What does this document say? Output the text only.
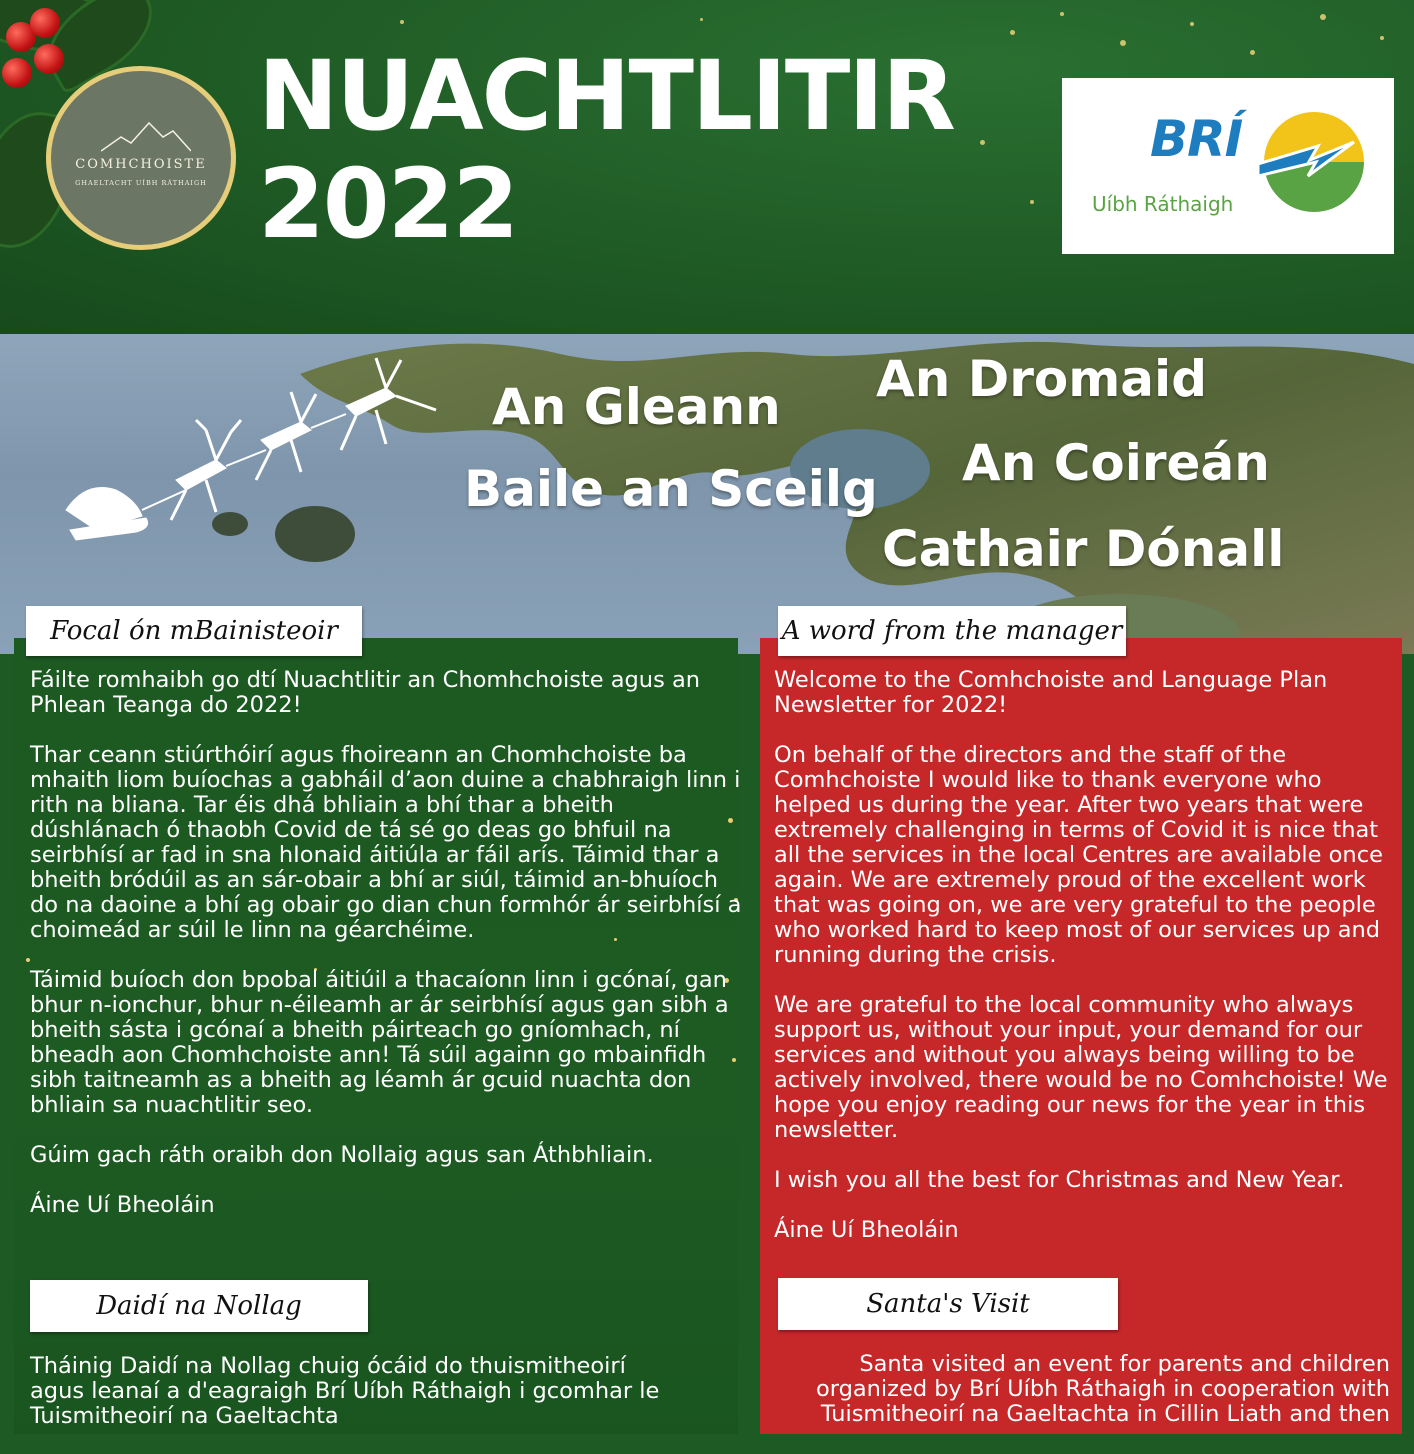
COMHCHOISTE
GHAELTACHT UÍBH RÁTHAIGH
NUACHTLITIR
2022
BRÍ
Uíbh Ráthaigh
An Gleann
Baile an Sceilg
An Dromaid
An Coireán
Cathair Dónall
Focal ón mBainisteoir

Fáilte romhaibh go dtí Nuachtlitir an Chomhchoiste agus an Phlean Teanga do 2022!

Thar ceann stiúrthóirí agus fhoireann an Chomhchoiste ba mhaith liom buíochas a gabháil d’aon duine a chabhraigh linn i rith na bliana. Tar éis dhá bhliain a bhí thar a bheith dúshlánach ó thaobh Covid de tá sé go deas go bhfuil na seirbhísí ar fad in sna hIonaid áitiúla ar fáil arís. Táimid thar a bheith bródúil as an sár-obair a bhí ar siúl, táimid an-bhuíoch do na daoine a bhí ag obair go dian chun formhór ár seirbhísí a choimeád ar súil le linn na géarchéime.

Táimid buíoch don bpobal áitiúil a thacaíonn linn i gcónaí, gan bhur n-ionchur, bhur n-éileamh ar ár seirbhísí agus gan sibh a bheith sásta i gcónaí a bheith páirteach go gníomhach, ní bheadh aon Chomhchoiste ann! Tá súil againn go mbainfidh sibh taitneamh as a bheith ag léamh ár gcuid nuachta don bhliain sa nuachtlitir seo.

Gúim gach ráth oraibh don Nollaig agus san Áthbhliain.

Áine Uí Bheoláin

Daidí na Nollag

Tháinig Daidí na Nollag chuig ócáid do thuismitheoirí agus leanaí a d'eagraigh Brí Uíbh Ráthaigh i gcomhar le Tuismitheoirí na Gaeltachta

A word from the manager

Welcome to the Comhchoiste and Language Plan Newsletter for 2022!

On behalf of the directors and the staff of the Comhchoiste I would like to thank everyone who helped us during the year. After two years that were extremely challenging in terms of Covid it is nice that all the services in the local Centres are available once again. We are extremely proud of the excellent work that was going on, we are very grateful to the people who worked hard to keep most of our services up and running during the crisis.

We are grateful to the local community who always support us, without your input, your demand for our services and without you always being willing to be actively involved, there would be no Comhchoiste! We hope you enjoy reading our news for the year in this newsletter.

I wish you all the best for Christmas and New Year.

Áine Uí Bheoláin

Santa's Visit

Santa visited an event for parents and children organized by Brí Uíbh Ráthaigh in cooperation with Tuismitheoirí na Gaeltachta in Cillin Liath and then
